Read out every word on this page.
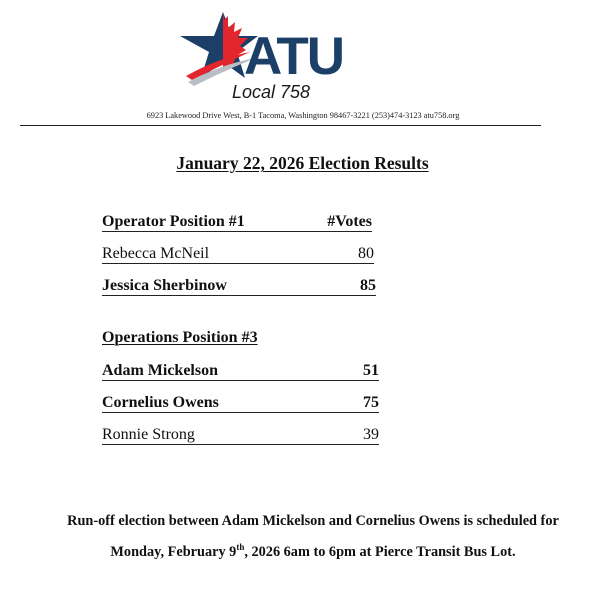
ATU
Local 758
6923 Lakewood Drive West, B-1 Tacoma, Washington 98467-3221 (253)474-3123 atu758.org
January 22, 2026 Election Results
Operator Position #1	#Votes
Rebecca McNeil	80
Jessica Sherbinow	85
Operations Position #3
Adam Mickelson	51
Cornelius Owens	75
Ronnie Strong	39
Run-off election between Adam Mickelson and Cornelius Owens is scheduled for
Monday, February 9th, 2026 6am to 6pm at Pierce Transit Bus Lot.
